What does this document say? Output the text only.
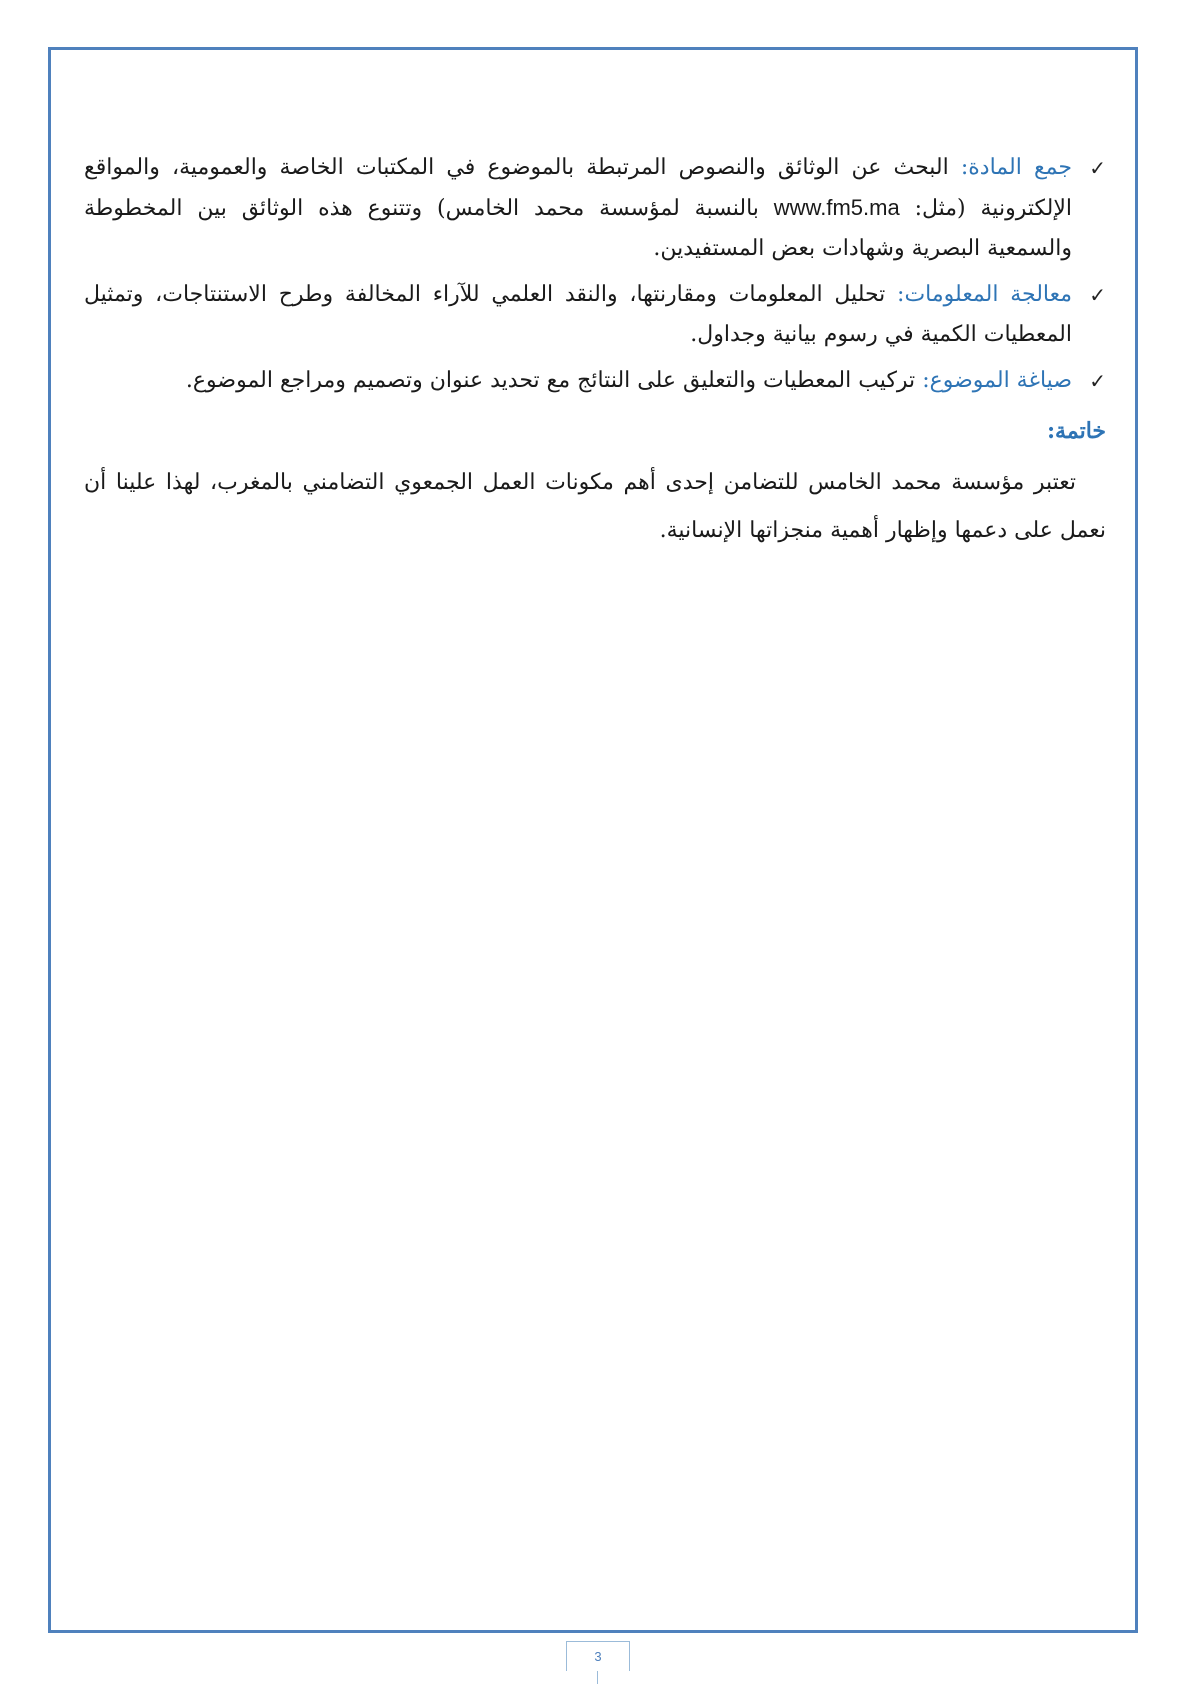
✓
جمع المادة: البحث عن الوثائق والنصوص المرتبطة بالموضوع في المكتبات الخاصة والعمومية، والمواقع الإلكترونية (مثل: www.fm5.ma بالنسبة لمؤسسة محمد الخامس) وتتنوع هذه الوثائق بين المخطوطة والسمعية البصرية وشهادات بعض المستفيدين.
✓
معالجة المعلومات: تحليل المعلومات ومقارنتها، والنقد العلمي للآراء المخالفة وطرح الاستنتاجات، وتمثيل المعطيات الكمية في رسوم بيانية وجداول.
✓
صياغة الموضوع: تركيب المعطيات والتعليق على النتائج مع تحديد عنوان وتصميم ومراجع الموضوع.
خاتمة:

تعتبر مؤسسة محمد الخامس للتضامن إحدى أهم مكونات العمل الجمعوي التضامني بالمغرب، لهذا علينا أن نعمل على دعمها وإظهار أهمية منجزاتها الإنسانية.

3
